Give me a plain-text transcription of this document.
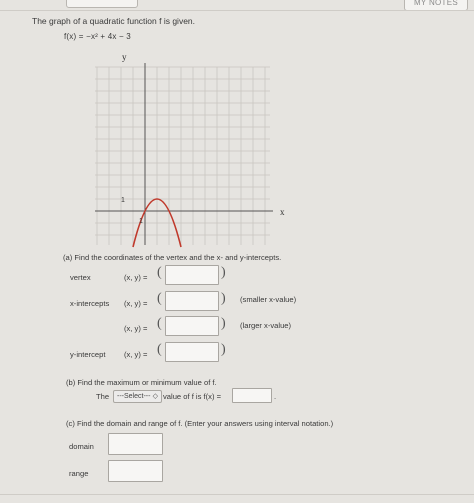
MY NOTES
The graph of a quadratic function f is given.
f(x) = −x² + 4x − 3
y
x
1
1
(a) Find the coordinates of the vertex and the x- and y-intercepts.
vertex	(x, y) = (	)
x-intercepts (x, y) = (	) (smaller x-value)
(x, y) = (	) (larger x-value)
y-intercept (x, y) = (	)
(b) Find the maximum or minimum value of f.
The	---Select--- ◇ value of f is f(x) =	.
(c) Find the domain and range of f. (Enter your answers using interval notation.)
domain
range
